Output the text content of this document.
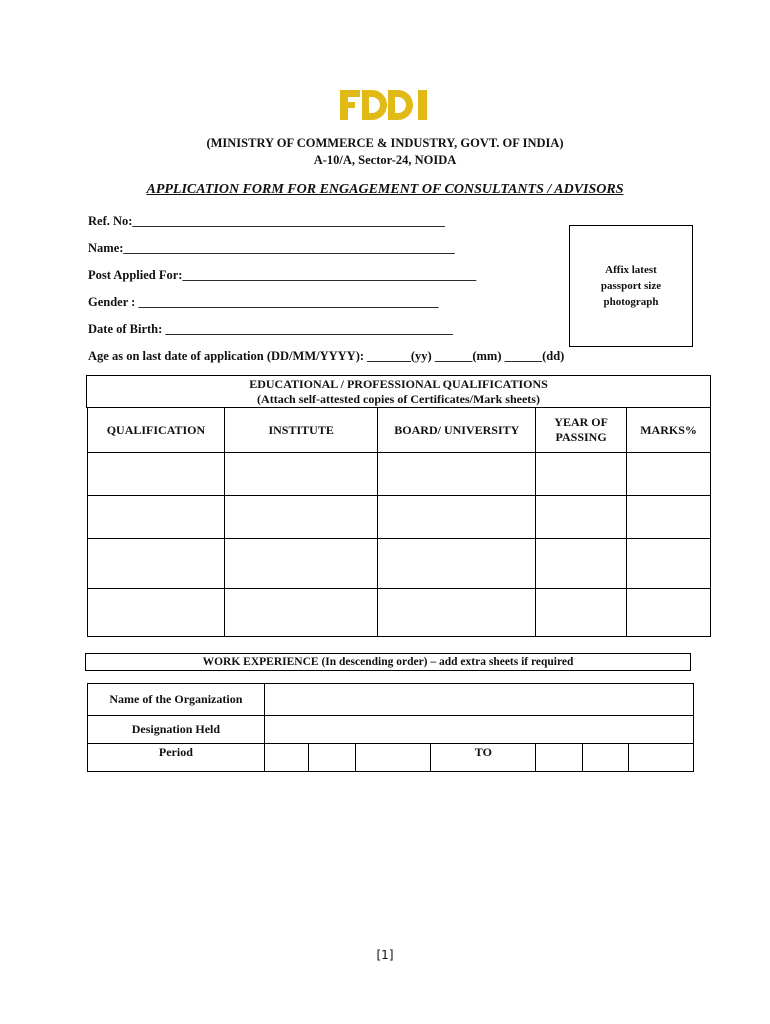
(MINISTRY OF COMMERCE & INDUSTRY, GOVT. OF INDIA)
A-10/A, Sector-24, NOIDA
APPLICATION FORM FOR ENGAGEMENT OF CONSULTANTS / ADVISORS
Ref. No:__________________________________________________
Name:_____________________________________________________
Post Applied For:_______________________________________________
Gender : ________________________________________________
Date of Birth: ______________________________________________
Age as on last date of application (DD/MM/YYYY): _______(yy) ______(mm) ______(dd)
Affix latest
passport size
photograph
EDUCATIONAL / PROFESSIONAL QUALIFICATIONS
(Attach self-attested copies of Certificates/Mark sheets)
QUALIFICATION	INSTITUTE	BOARD/ UNIVERSITY	YEAR OF PASSING	MARKS%

WORK EXPERIENCE (In descending order) – add extra sheets if required
Name of the Organization							
Designation Held							
Period				TO			
[1]
